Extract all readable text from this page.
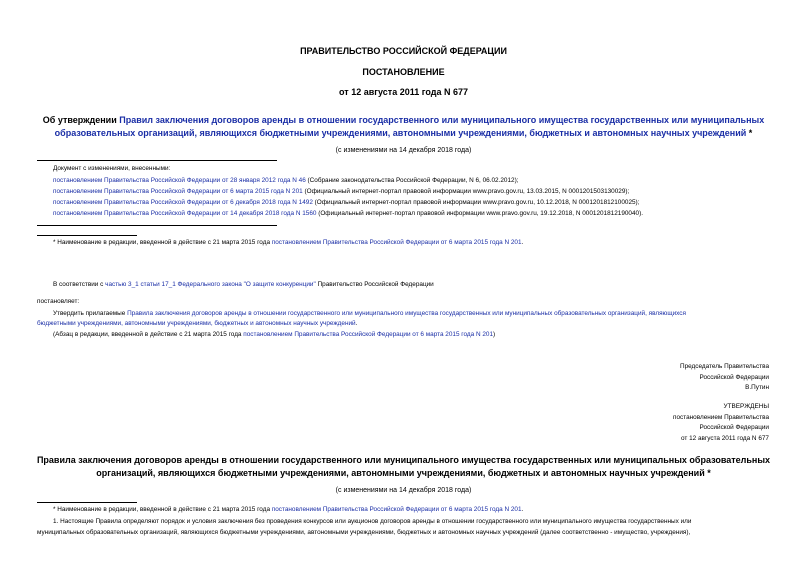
ПРАВИТЕЛЬСТВО РОССИЙСКОЙ ФЕДЕРАЦИИ
ПОСТАНОВЛЕНИЕ
от 12 августа 2011 года N 677
Об утверждении Правил заключения договоров аренды в отношении государственного или муниципального имущества государственных или муниципальных
образовательных организаций, являющихся бюджетными учреждениями, автономными учреждениями, бюджетных и автономных научных учреждений *
(с изменениями на 14 декабря 2018 года)
Документ с изменениями, внесенными:
постановлением Правительства Российской Федерации от 28 января 2012 года N 46 (Собрание законодательства Российской Федерации, N 6, 06.02.2012);
постановлением Правительства Российской Федерации от 6 марта 2015 года N 201 (Официальный интернет-портал правовой информации www.pravo.gov.ru, 13.03.2015, N 0001201503130029);
постановлением Правительства Российской Федерации от 6 декабря 2018 года N 1492 (Официальный интернет-портал правовой информации www.pravo.gov.ru, 10.12.2018, N 0001201812100025);
постановлением Правительства Российской Федерации от 14 декабря 2018 года N 1560 (Официальный интернет-портал правовой информации www.pravo.gov.ru, 19.12.2018, N 0001201812190040).
* Наименование в редакции, введенной в действие с 21 марта 2015 года постановлением Правительства Российской Федерации от 6 марта 2015 года N 201.
В соответствии с частью 3_1 статьи 17_1 Федерального закона "О защите конкуренции" Правительство Российской Федерации
постановляет:
Утвердить прилагаемые Правила заключения договоров аренды в отношении государственного или муниципального имущества государственных или муниципальных образовательных организаций, являющихся
бюджетными учреждениями, автономными учреждениями, бюджетных и автономных научных учреждений.
(Абзац в редакции, введенной в действие с 21 марта 2015 года постановлением Правительства Российской Федерации от 6 марта 2015 года N 201)
Председатель Правительства
Российской Федерации
В.Путин
УТВЕРЖДЕНЫ
постановлением Правительства
Российской Федерации
от 12 августа 2011 года N 677
Правила заключения договоров аренды в отношении государственного или муниципального имущества государственных или муниципальных образовательных
организаций, являющихся бюджетными учреждениями, автономными учреждениями, бюджетных и автономных научных учреждений *
(с изменениями на 14 декабря 2018 года)
* Наименование в редакции, введенной в действие с 21 марта 2015 года постановлением Правительства Российской Федерации от 6 марта 2015 года N 201.
1. Настоящие Правила определяют порядок и условия заключения без проведения конкурсов или аукционов договоров аренды в отношении государственного или муниципального имущества государственных или
муниципальных образовательных организаций, являющихся бюджетными учреждениями, автономными учреждениями, бюджетных и автономных научных учреждений (далее соответственно - имущество, учреждения),
